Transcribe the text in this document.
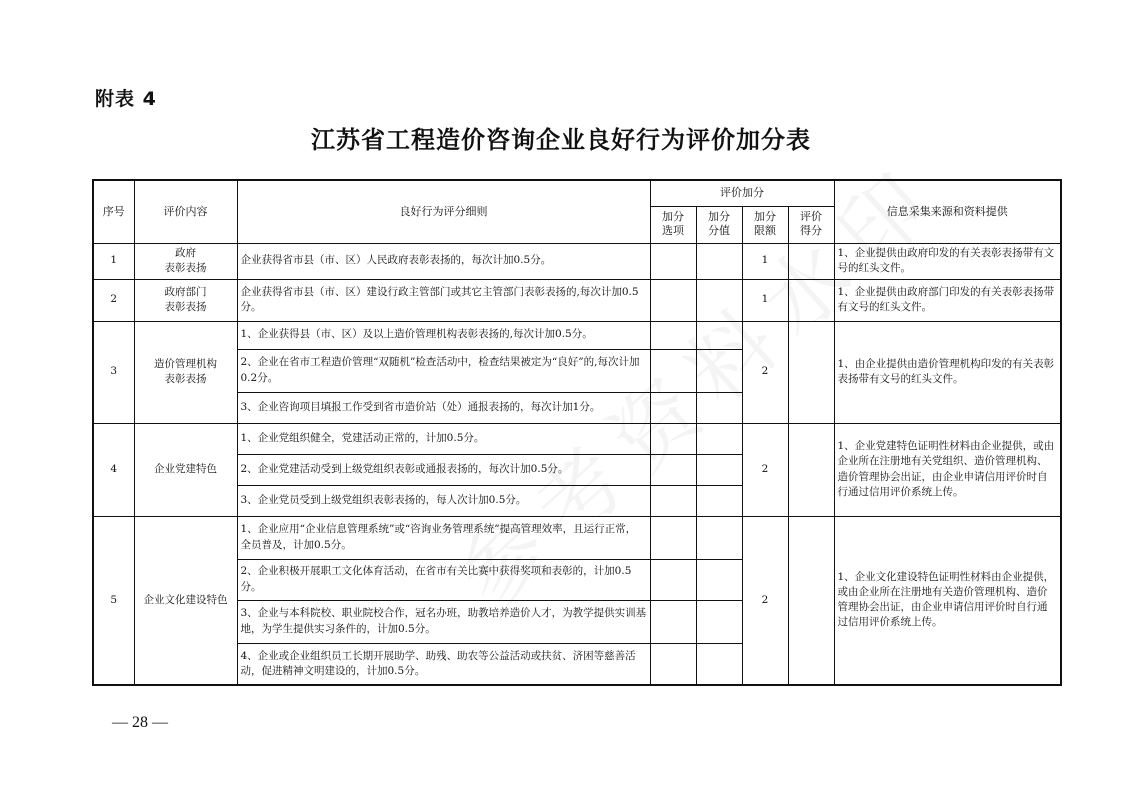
附表 4
江苏省工程造价咨询企业良好行为评价加分表
序号	评价内容	良好行为评分细则	评价加分				信息采集来源和资料提供
			加分选项	加分分值	加分限额	评价得分	
1	政府
表彰表扬	企业获得省市县（市、区）人民政府表彰表扬的，每次计加0.5分。			1		1、企业提供由政府印发的有关表彰表扬带有文号的红头文件。
2	政府部门
表彰表扬	企业获得省市县（市、区）建设行政主管部门或其它主管部门表彰表扬的,每次计加0.5分。			1		1、企业提供由政府部门印发的有关表彰表扬带有文号的红头文件。
3	造价管理机构
表彰表扬	1、企业获得县（市、区）及以上造价管理机构表彰表扬的,每次计加0.5分。			2		1、由企业提供由造价管理机构印发的有关表彰表扬带有文号的红头文件。
		2、企业在省市工程造价管理“双随机”检查活动中，检查结果被定为“良好”的,每次计加0.2分。					
		3、企业咨询项目填报工作受到省市造价站（处）通报表扬的，每次计加1分。					
4	企业党建特色	1、企业党组织健全，党建活动正常的，计加0.5分。			2		1、企业党建特色证明性材料由企业提供，或由企业所在注册地有关党组织、造价管理机构、造价管理协会出证，由企业申请信用评价时自行通过信用评价系统上传。
		2、企业党建活动受到上级党组织表彰或通报表扬的，每次计加0.5分。					
		3、企业党员受到上级党组织表彰表扬的，每人次计加0.5分。					
5	企业文化建设特色	1、企业应用“企业信息管理系统”或“咨询业务管理系统”提高管理效率，且运行正常，全员普及，计加0.5分。			2		1、企业文化建设特色证明性材料由企业提供，或由企业所在注册地有关造价管理机构、造价管理协会出证，由企业申请信用评价时自行通过信用评价系统上传。
		2、企业积极开展职工文化体育活动，在省市有关比赛中获得奖项和表彰的，计加0.5分。					
		3、企业与本科院校、职业院校合作，冠名办班，助教培养造价人才，为教学提供实训基地，为学生提供实习条件的，计加0.5分。					
		4、企业或企业组织员工长期开展助学、助残、助农等公益活动或扶贫、济困等慈善活动，促进精神文明建设的，计加0.5分。					
— 28 —
